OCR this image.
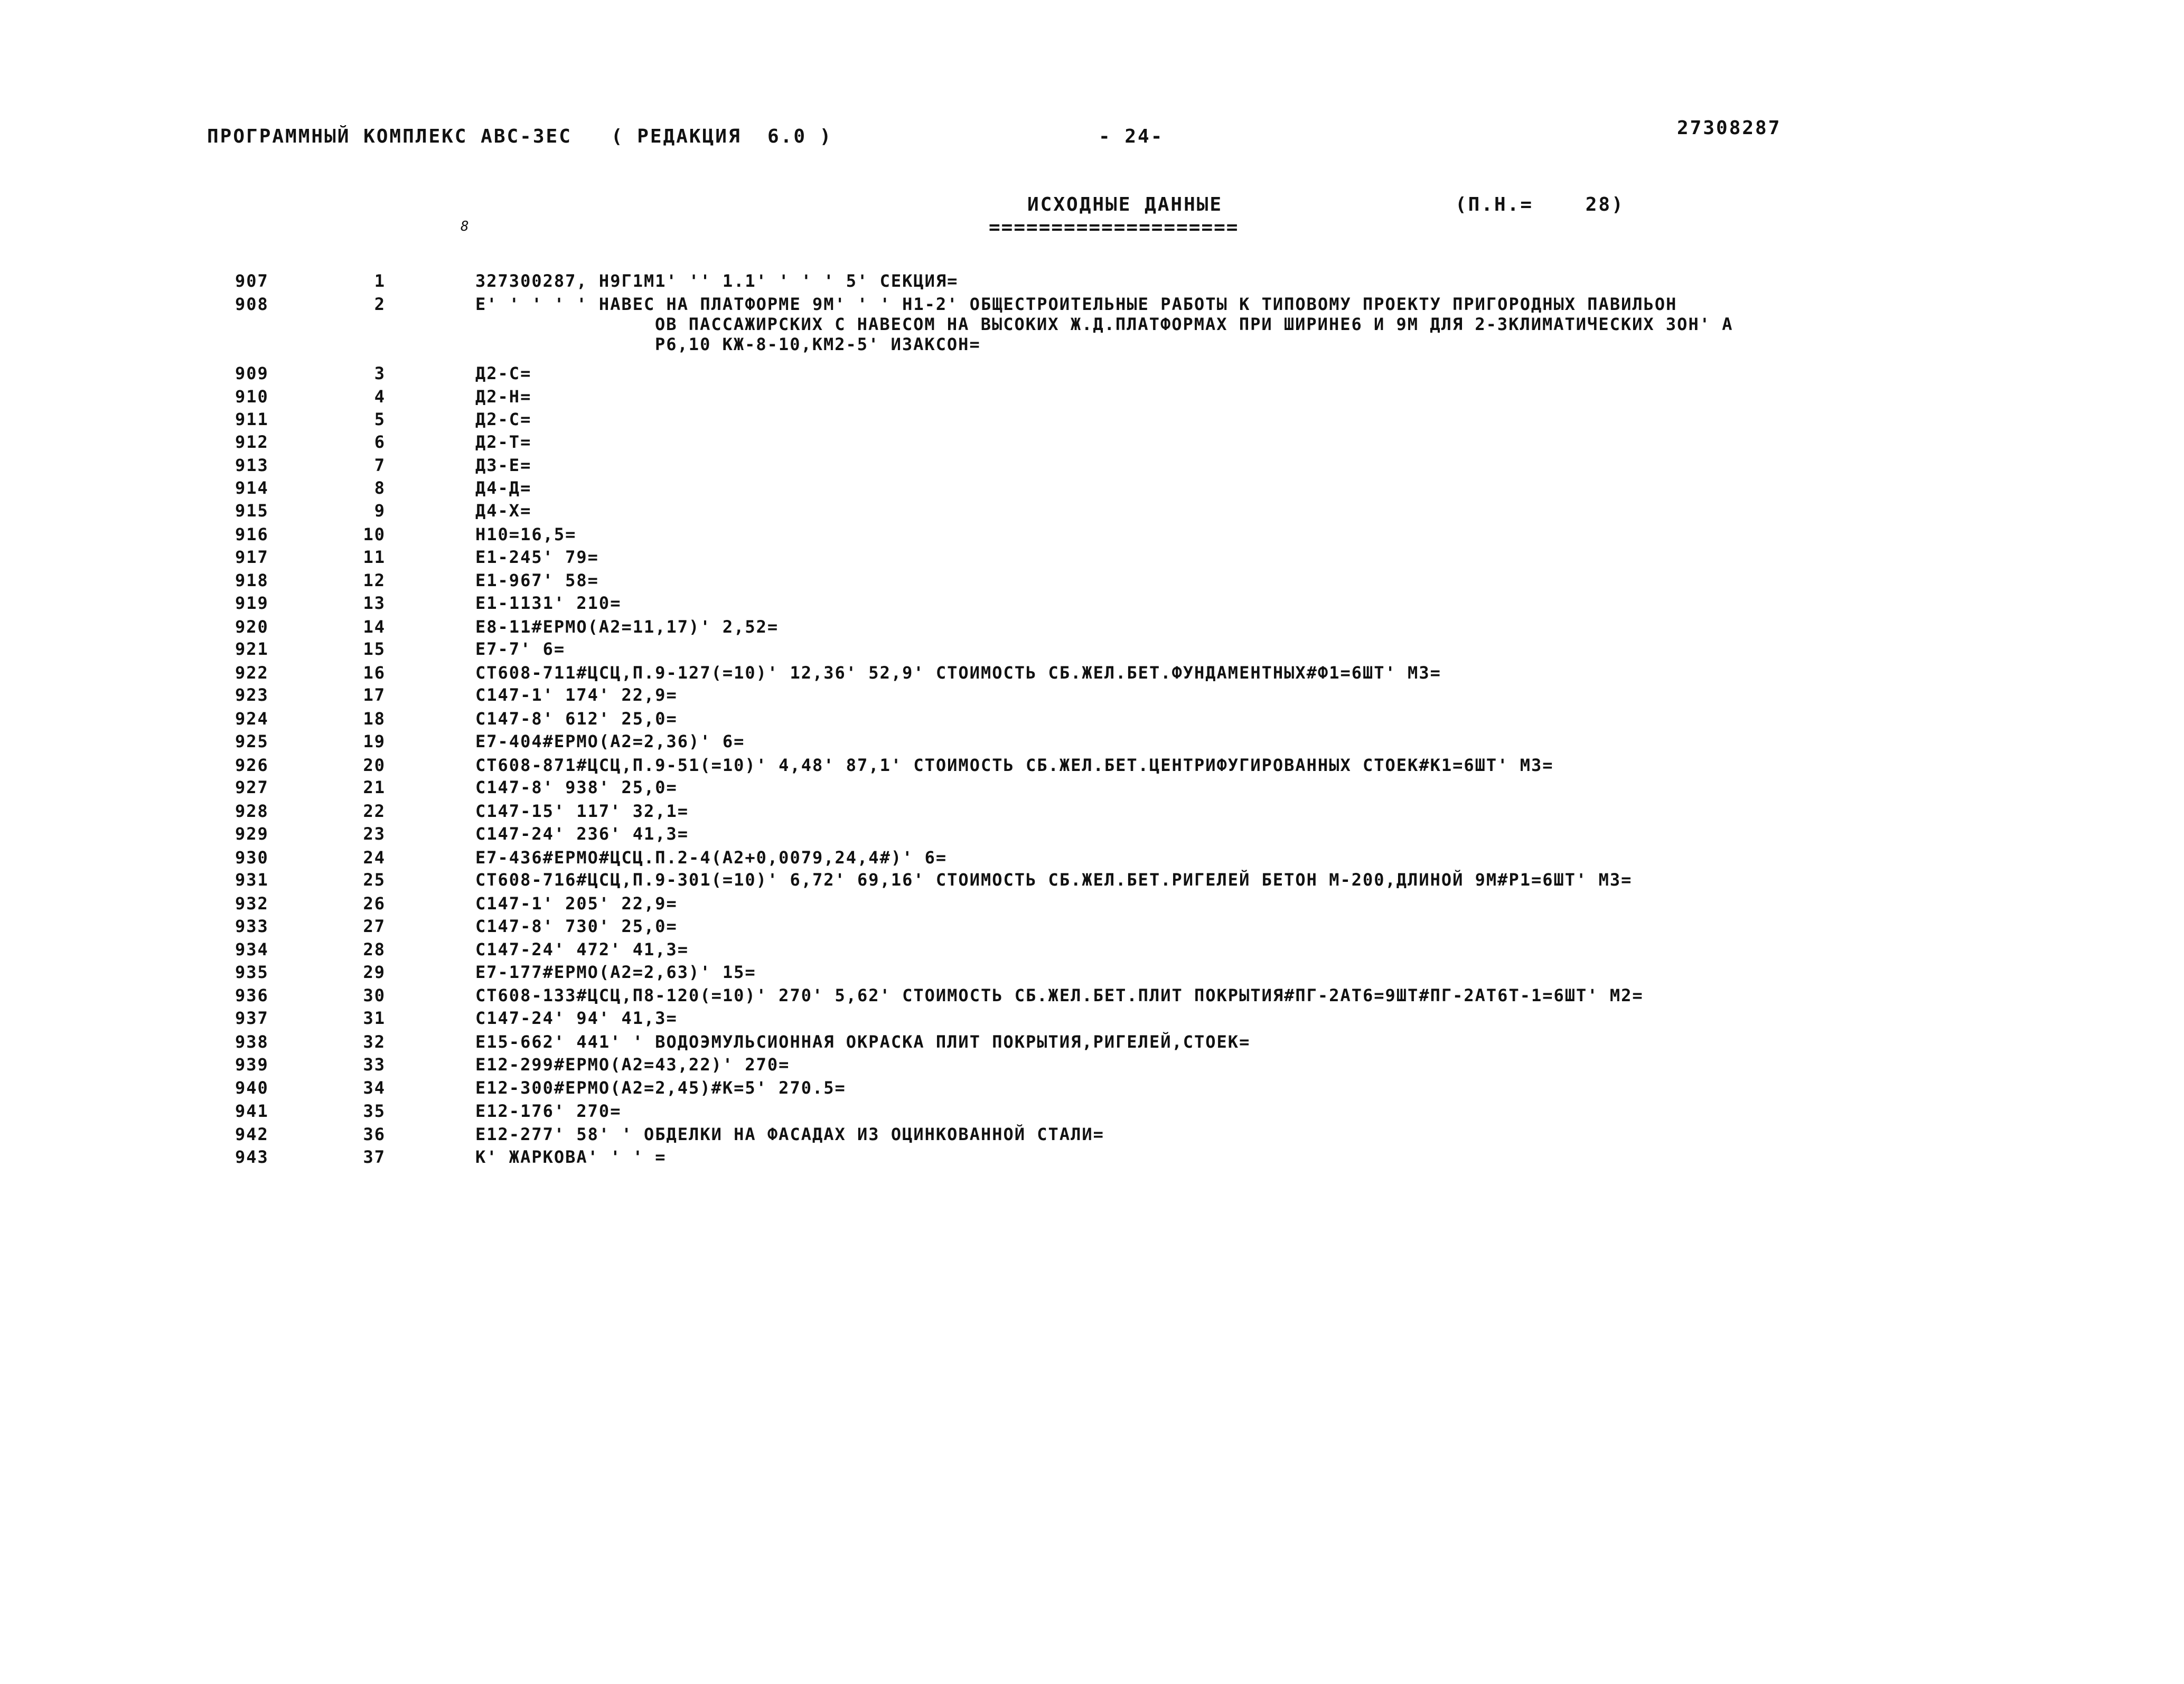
ПРОГРАММНЫЙ КОМПЛЕКС АВС-ЗЕС   ( РЕДАКЦИЯ  6.0 )	- 24-	27308287
ИСХОДНЫЕ ДАННЫЕ
====================
(П.Н.=    28)
8
907	1	327300287, Н9Г1М1' '' 1.1' ' ' ' 5' СЕКЦИЯ=
908	2	Е' ' ' ' ' НАВЕС НА ПЛАТФОРМЕ 9М' ' ' Н1-2' ОБЩЕСТРОИТЕЛЬНЫЕ РАБОТЫ К ТИПОВОМУ ПРОЕКТУ ПРИГОРОДНЫХ ПАВИЛЬОН
ОВ ПАССАЖИРСКИХ С НАВЕСОМ НА ВЫСОКИХ Ж.Д.ПЛАТФОРМАХ ПРИ ШИРИНЕ6 И 9М ДЛЯ 2-3КЛИМАТИЧЕСКИХ ЗОН' А
Р6,10 КЖ-8-10,КМ2-5' ИЗАКСОН=
909	3	Д2-С=
910	4	Д2-Н=
911	5	Д2-С=
912	6	Д2-Т=
913	7	Д3-Е=
914	8	Д4-Д=
915	9	Д4-Х=
916	10	Н10=16,5=
917	11	Е1-245' 79=
918	12	Е1-967' 58=
919	13	Е1-1131' 210=
920	14	Е8-11#ЕРМО(А2=11,17)' 2,52=
921	15	Е7-7' 6=
922	16	СТ608-711#ЦСЦ,П.9-127(=10)' 12,36' 52,9' СТОИМОСТЬ СБ.ЖЕЛ.БЕТ.ФУНДАМЕНТНЫХ#Ф1=6ШТ' М3=
923	17	С147-1' 174' 22,9=
924	18	С147-8' 612' 25,0=
925	19	Е7-404#ЕРМО(А2=2,36)' 6=
926	20	СТ608-871#ЦСЦ,П.9-51(=10)' 4,48' 87,1' СТОИМОСТЬ СБ.ЖЕЛ.БЕТ.ЦЕНТРИФУГИРОВАННЫХ СТОЕК#К1=6ШТ' М3=
927	21	С147-8' 938' 25,0=
928	22	С147-15' 117' 32,1=
929	23	С147-24' 236' 41,3=
930	24	Е7-436#ЕРМО#ЦСЦ.П.2-4(А2+0,0079,24,4#)' 6=
931	25	СТ608-716#ЦСЦ,П.9-301(=10)' 6,72' 69,16' СТОИМОСТЬ СБ.ЖЕЛ.БЕТ.РИГЕЛЕЙ БЕТОН М-200,ДЛИНОЙ 9М#Р1=6ШТ' М3=
932	26	С147-1' 205' 22,9=
933	27	С147-8' 730' 25,0=
934	28	С147-24' 472' 41,3=
935	29	Е7-177#ЕРМО(А2=2,63)' 15=
936	30	СТ608-133#ЦСЦ,П8-120(=10)' 270' 5,62' СТОИМОСТЬ СБ.ЖЕЛ.БЕТ.ПЛИТ ПОКРЫТИЯ#ПГ-2АТ6=9ШТ#ПГ-2АТ6Т-1=6ШТ' М2=
937	31	С147-24' 94' 41,3=
938	32	Е15-662' 441' ' ВОДОЭМУЛЬСИОННАЯ ОКРАСКА ПЛИТ ПОКРЫТИЯ,РИГЕЛЕЙ,СТОЕК=
939	33	Е12-299#ЕРМО(А2=43,22)' 270=
940	34	Е12-300#ЕРМО(А2=2,45)#К=5' 270.5=
941	35	Е12-176' 270=
942	36	Е12-277' 58' ' ОБДЕЛКИ НА ФАСАДАХ ИЗ ОЦИНКОВАННОЙ СТАЛИ=
943	37	К' ЖАРКОВА' ' ' =
